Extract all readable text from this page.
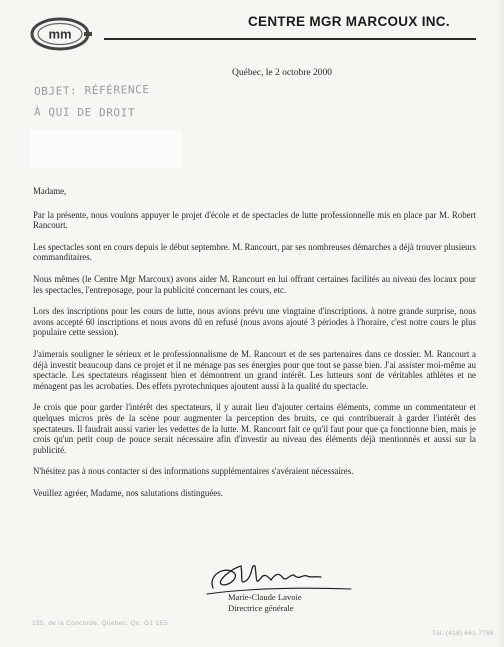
mm
CENTRE MGR MARCOUX INC.
Québec, le 2 octobre 2000
OBJET: RÉFÉRENCE
À QUI DE DROIT

Madame,

Par la présente, nous voulons appuyer le projet d'école et de spectacles de lutte professionnelle mis en place par M. Robert Rancourt.

Les spectacles sont en cours depuis le début septembre. M. Rancourt, par ses nombreuses démarches a déjà trouver plusieurs commanditaires.

Nous mêmes (le Centre Mgr Marcoux) avons aider M. Rancourt en lui offrant certaines facilités au niveau des locaux pour les spectacles, l'entreposage, pour la publicité concernant les cours, etc.

Lors des inscriptions pour les cours de lutte, nous avions prévu une vingtaine d'inscriptions. à notre grande surprise, nous avons accepté 60 inscriptions et nous avons dû en refusé (nous avons ajouté 3 périodes à l'horaire, c'est notre cours le plus populaire cette session).

J'aimerais souligner le sérieux et le professionnalisme de M. Rancourt et de ses partenaires dans ce dossier. M. Rancourt a déjà investit beaucoup dans ce projet et il ne ménage pas ses énergies pour que tout se passe bien. J'ai assister moi-même au spectacle. Les spectateurs réagissent bien et démontrent un grand intérêt. Les lutteurs sont de véritables athlètes et ne ménagent pas les acrobaties. Des effets pyrotechniques ajoutent aussi à la qualité du spectacle.

Je crois que pour garder l'intérêt des spectateurs, il y aurait lieu d'ajouter certains éléments, comme un commentateur et quelques micros près de la scène pour augmenter la perception des bruits, ce qui contribuerait à garder l'intérêt des spectateurs. Il faudrait aussi varier les vedettes de la lutte. M. Rancourt fait ce qu'il faut pour que ça fonctionne bien, mais je crois qu'un petit coup de pouce serait nécessaire afin d'investir au niveau des éléments déjà mentionnés et aussi sur la publicité.

N'hésitez pas à nous contacter si des informations supplémentaires s'avéraient nécessaires.

Veuillez agréer, Madame, nos salutations distinguées.

Marie-Claude Lavoie
Directrice générale
155, de la Concorde, Québec, Qc. G1 1E5
Tél.:(418) 661-7766
